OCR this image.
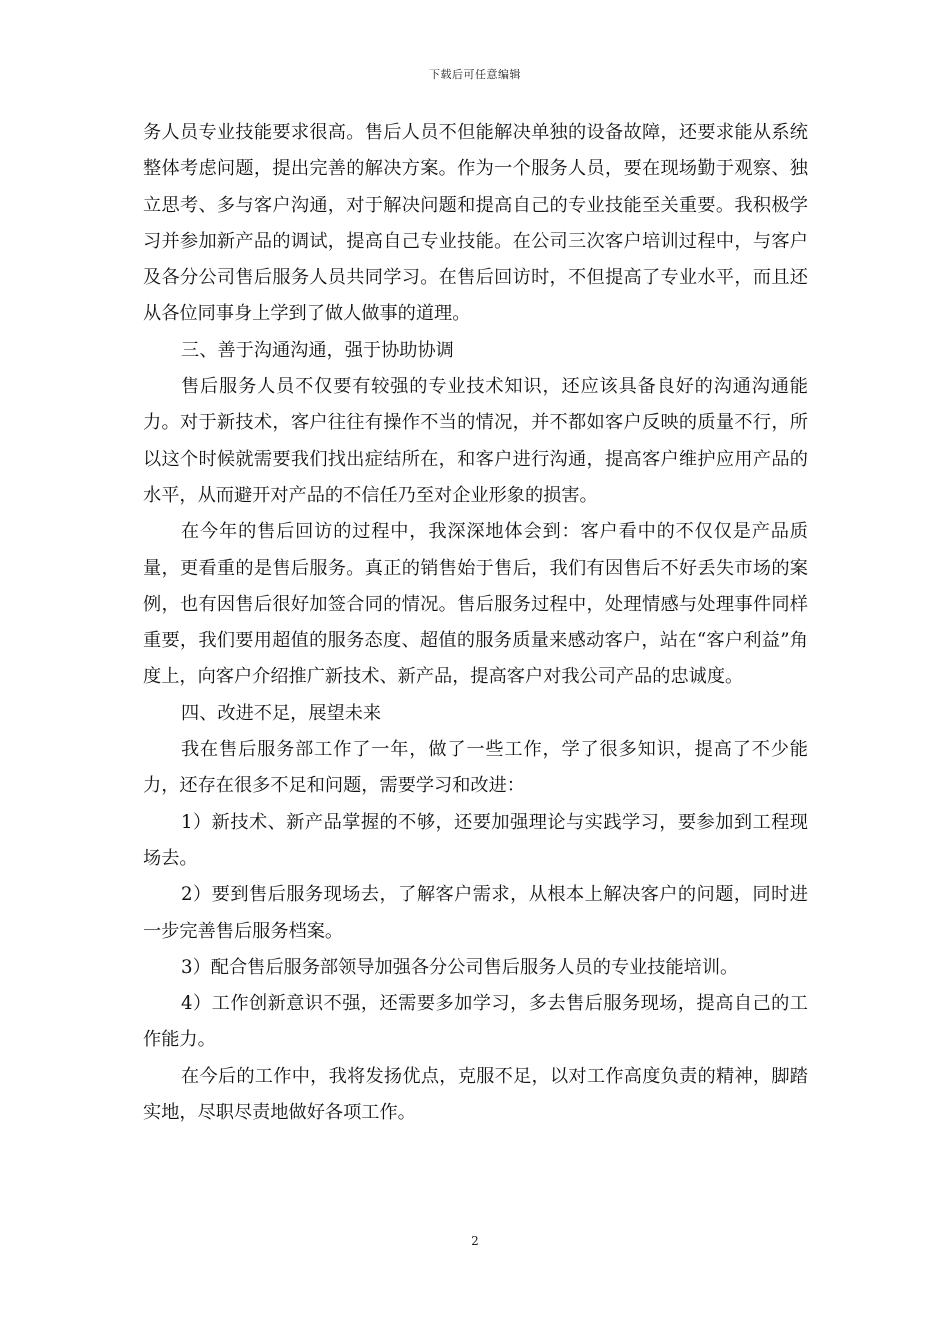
下载后可任意编辑

务人员专业技能要求很高。售后人员不但能解决单独的设备故障，还要求能从系统整体考虑问题，提出完善的解决方案。作为一个服务人员，要在现场勤于观察、独立思考、多与客户沟通，对于解决问题和提高自己的专业技能至关重要。我积极学习并参加新产品的调试，提高自己专业技能。在公司三次客户培训过程中，与客户及各分公司售后服务人员共同学习。在售后回访时，不但提高了专业水平，而且还从各位同事身上学到了做人做事的道理。

三、善于沟通沟通，强于协助协调

售后服务人员不仅要有较强的专业技术知识，还应该具备良好的沟通沟通能力。对于新技术，客户往往有操作不当的情况，并不都如客户反映的质量不行，所以这个时候就需要我们找出症结所在，和客户进行沟通，提高客户维护应用产品的水平，从而避开对产品的不信任乃至对企业形象的损害。

在今年的售后回访的过程中，我深深地体会到：客户看中的不仅仅是产品质量，更看重的是售后服务。真正的销售始于售后，我们有因售后不好丢失市场的案例，也有因售后很好加签合同的情况。售后服务过程中，处理情感与处理事件同样重要，我们要用超值的服务态度、超值的服务质量来感动客户，站在“客户利益”角度上，向客户介绍推广新技术、新产品，提高客户对我公司产品的忠诚度。

四、改进不足，展望未来

我在售后服务部工作了一年，做了一些工作，学了很多知识，提高了不少能力，还存在很多不足和问题，需要学习和改进：

1）新技术、新产品掌握的不够，还要加强理论与实践学习，要参加到工程现场去。

2）要到售后服务现场去，了解客户需求，从根本上解决客户的问题，同时进一步完善售后服务档案。

3）配合售后服务部领导加强各分公司售后服务人员的专业技能培训。

4）工作创新意识不强，还需要多加学习，多去售后服务现场，提高自己的工作能力。

在今后的工作中，我将发扬优点，克服不足，以对工作高度负责的精神，脚踏实地，尽职尽责地做好各项工作。

2
